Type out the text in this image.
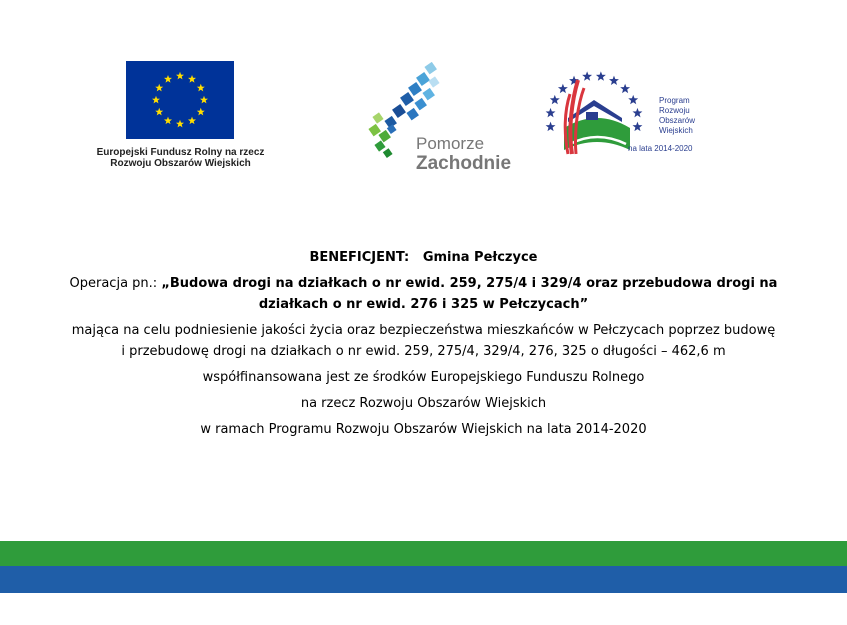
Europejski Fundusz Rolny na rzecz
Rozwoju Obszarów Wiejskich
Pomorze
Zachodnie
Program
Rozwoju
Obszarów
Wiejskich
na lata 2014-2020

BENEFICJENT: Gmina Pełczyce

Operacja pn.: „Budowa drogi na działkach o nr ewid. 259, 275/4 i 329/4 oraz przebudowa drogi na

działkach o nr ewid. 276 i 325 w Pełczycach”

mająca na celu podniesienie jakości życia oraz bezpieczeństwa mieszkańców w Pełczycach poprzez budowę

i przebudowę drogi na działkach o nr ewid. 259, 275/4, 329/4, 276, 325 o długości – 462,6 m

współfinansowana jest ze środków Europejskiego Funduszu Rolnego

na rzecz Rozwoju Obszarów Wiejskich

w ramach Programu Rozwoju Obszarów Wiejskich na lata 2014-2020
